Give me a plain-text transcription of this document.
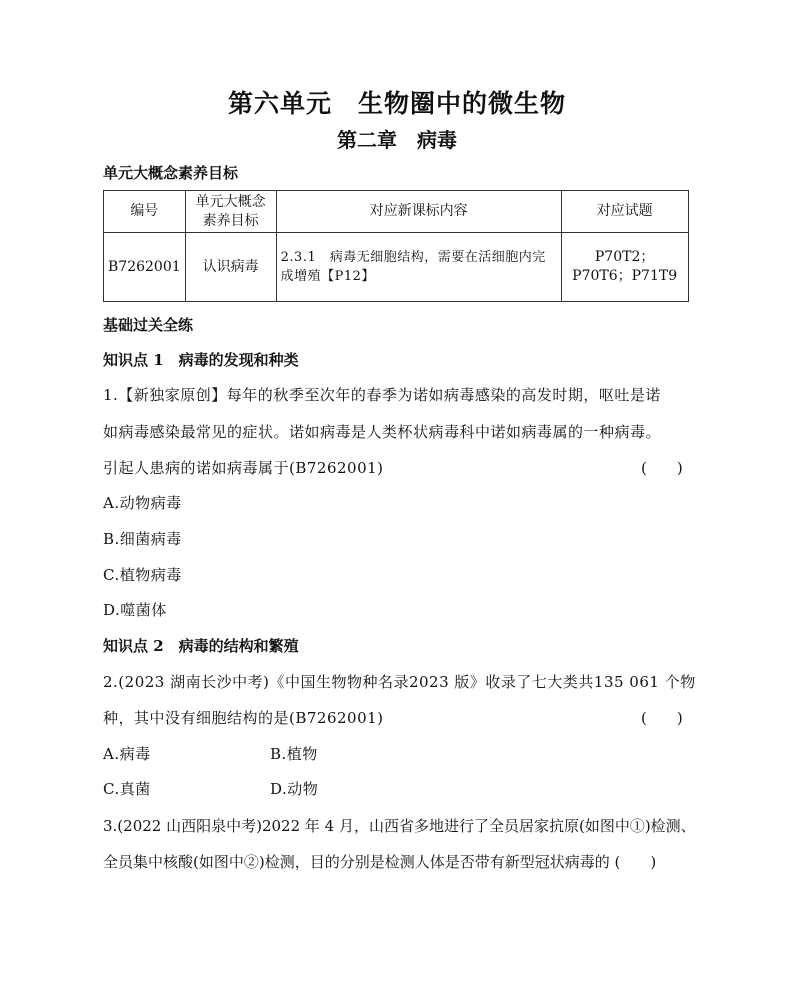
第六单元　生物圈中的微生物
第二章　病毒
单元大概念素养目标
编号	单元大概念素养目标	对应新课标内容	对应试题
B7262001	认识病毒	2.3.1　病毒无细胞结构，需要在活细胞内完成增殖【P12】	P70T2；P70T6；P71T9
基础过关全练
知识点 1　病毒的发现和种类
1.【新独家原创】每年的秋季至次年的春季为诺如病毒感染的高发时期，呕吐是诺
如病毒感染最常见的症状。诺如病毒是人类杯状病毒科中诺如病毒属的一种病毒。
引起人患病的诺如病毒属于(B7262001)	(　　)
A.动物病毒
B.细菌病毒
C.植物病毒
D.噬菌体
知识点 2　病毒的结构和繁殖
2.(2023 湖南长沙中考)《中国生物物种名录2023 版》收录了七大类共135 061 个物
种，其中没有细胞结构的是(B7262001)	(　　)
A.病毒	B.植物
C.真菌	D.动物
3.(2022 山西阳泉中考)2022 年 4 月，山西省多地进行了全员居家抗原(如图中①)检测、
全员集中核酸(如图中②)检测，目的分别是检测人体是否带有新型冠状病毒的 (　　)
